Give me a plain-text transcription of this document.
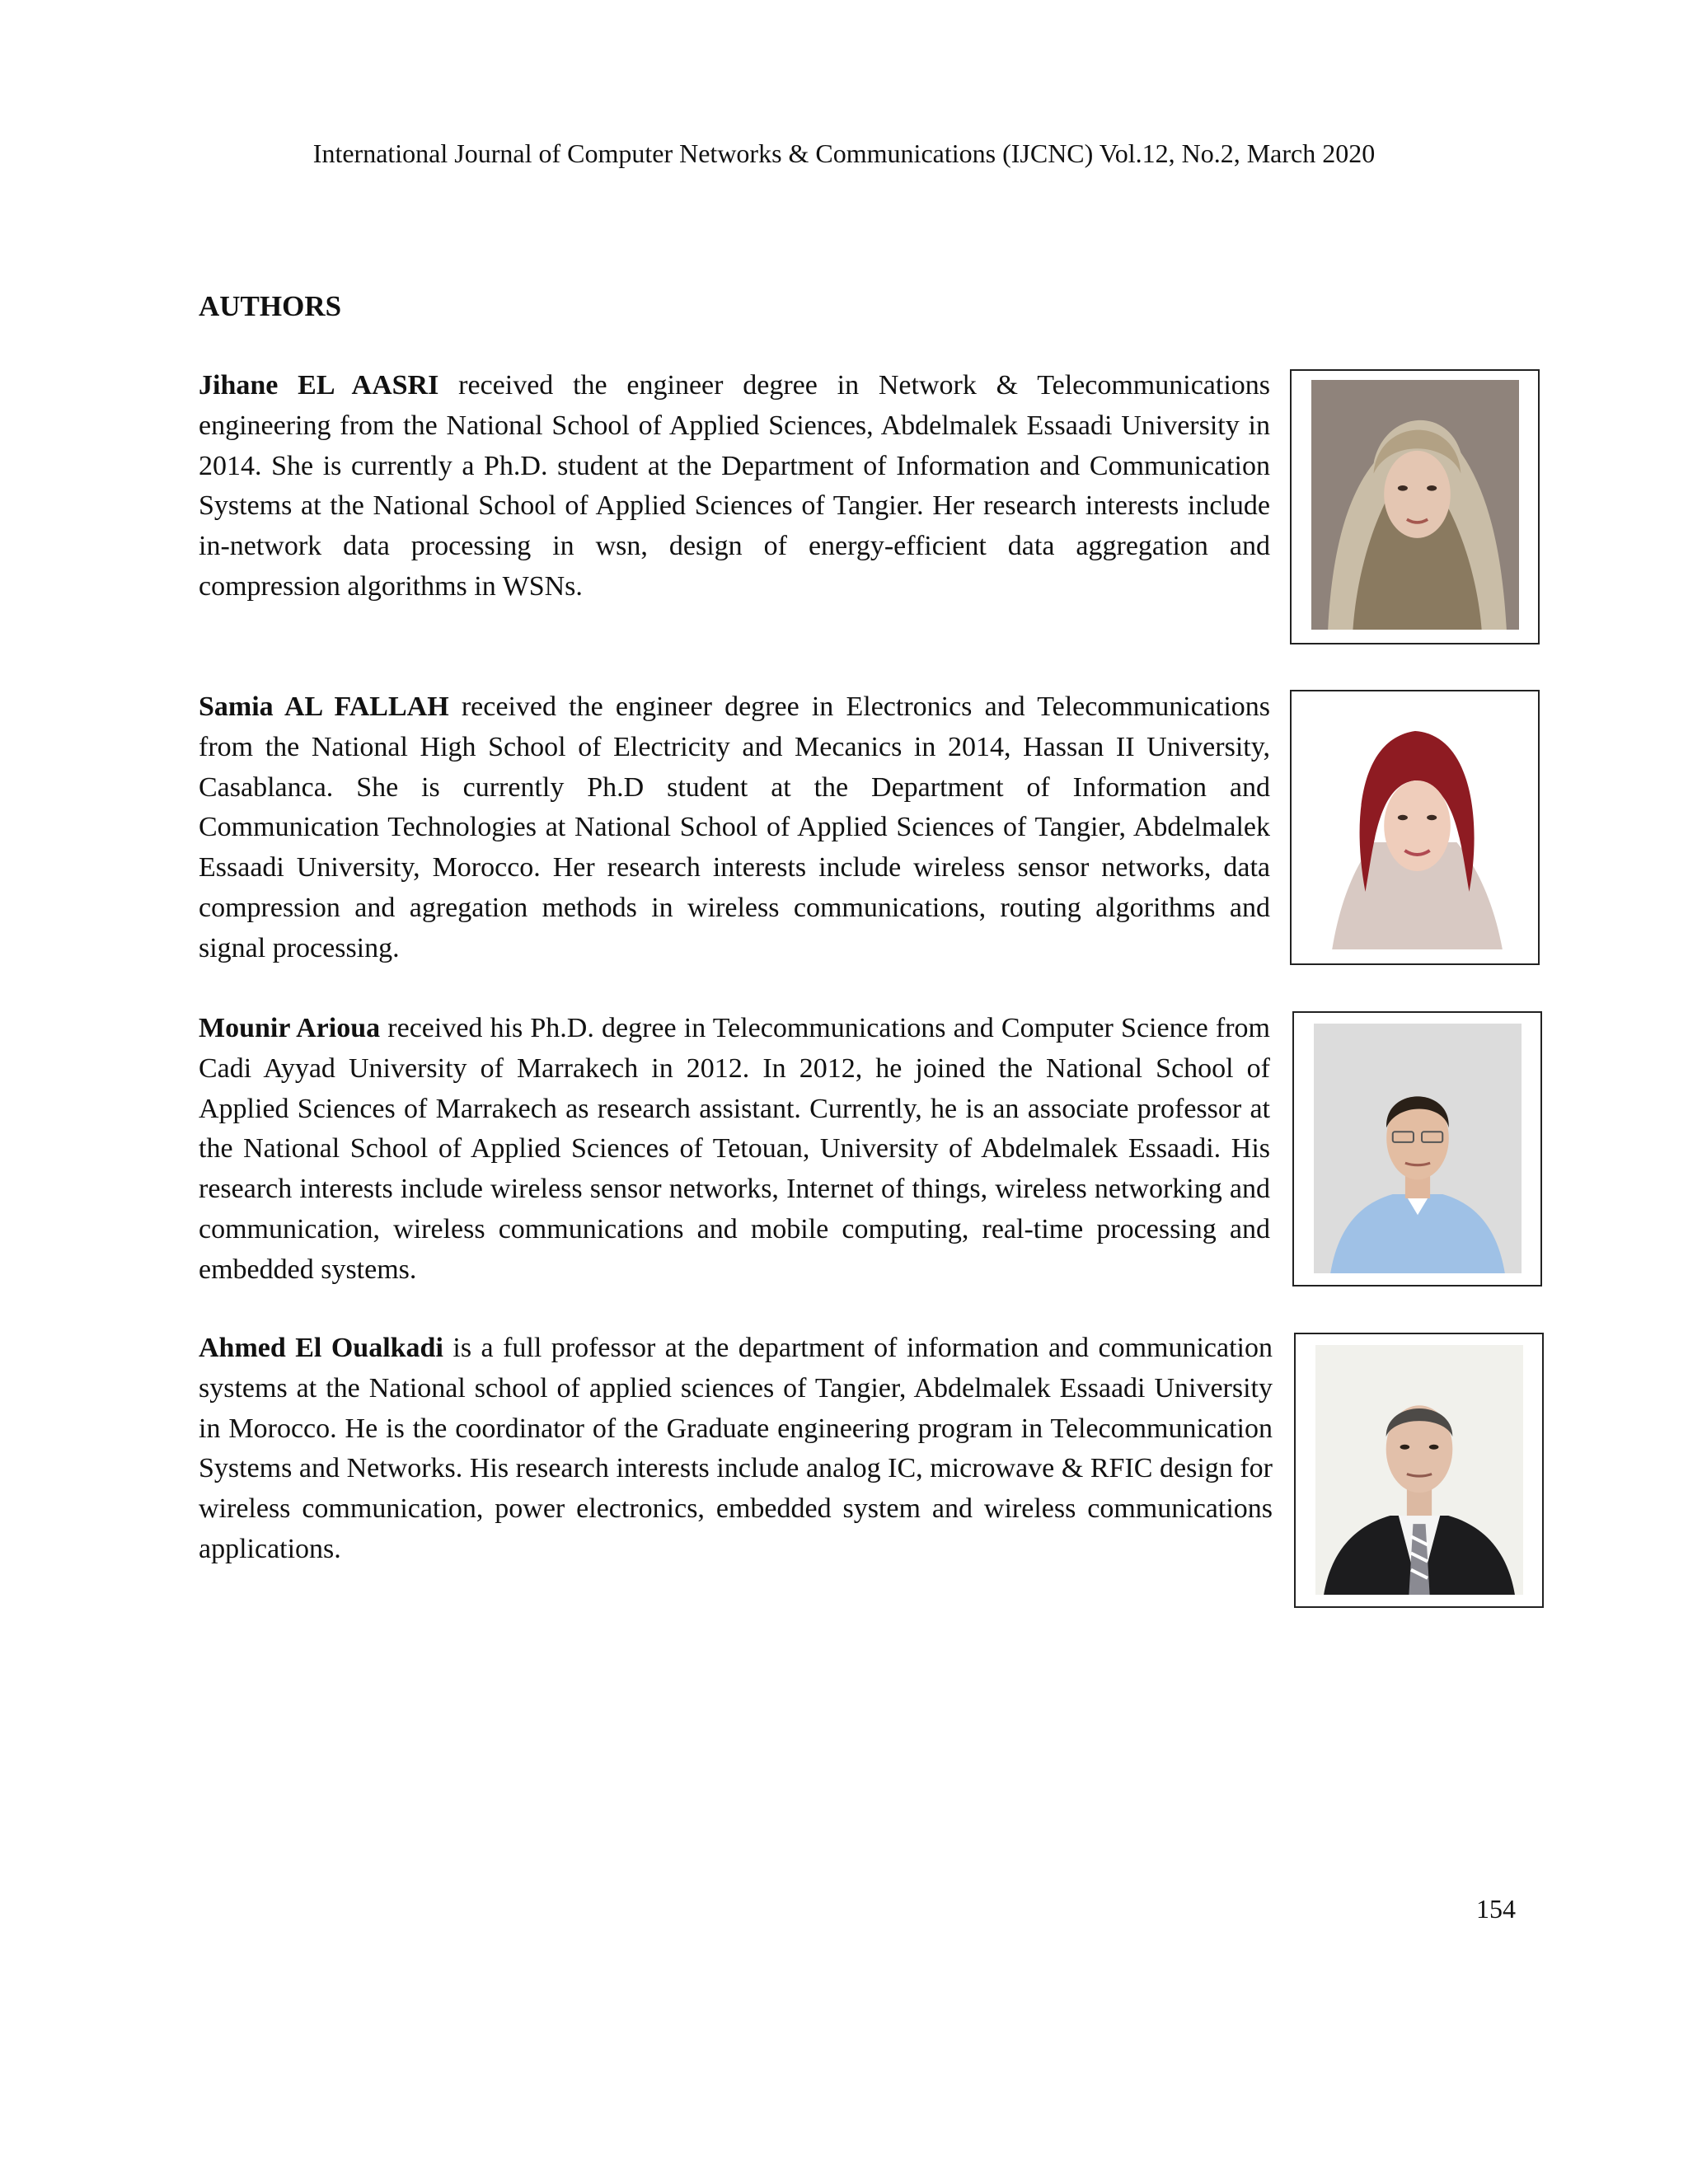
International Journal of Computer Networks & Communications (IJCNC) Vol.12, No.2, March 2020
AUTHORS

Jihane EL AASRI received the engineer degree in Network & Telecommunications engineering from the National School of Applied Sciences, Abdelmalek Essaadi University in 2014. She is currently a Ph.D. student at the Department of Information and Communication Systems at the National School of Applied Sciences of Tangier. Her research interests include in-network data processing in wsn, design of energy-efficient data aggregation and compression algorithms in WSNs.

Samia AL FALLAH received the engineer degree in Electronics and Telecommunications from the National High School of Electricity and Mecanics in 2014, Hassan II University, Casablanca. She is currently Ph.D student at the Department of Information and Communication Technologies at National School of Applied Sciences of Tangier, Abdelmalek Essaadi University, Morocco. Her research interests include wireless sensor networks, data compression and agregation methods in wireless communications, routing algorithms and signal processing.

Mounir Arioua received his Ph.D. degree in Telecommunications and Computer Science from Cadi Ayyad University of Marrakech in 2012. In 2012, he joined the National School of Applied Sciences of Marrakech as research assistant. Currently, he is an associate professor at the National School of Applied Sciences of Tetouan, University of Abdelmalek Essaadi. His research interests include wireless sensor networks, Internet of things, wireless networking and communication, wireless communications and mobile computing, real-time processing and embedded systems.

Ahmed El Oualkadi is a full professor at the department of information and communication systems at the National school of applied sciences of Tangier, Abdelmalek Essaadi University in Morocco. He is the coordinator of the Graduate engineering program in Telecommunication Systems and Networks. His research interests include analog IC, microwave & RFIC design for wireless communication, power electronics, embedded system and wireless communications applications.

154
